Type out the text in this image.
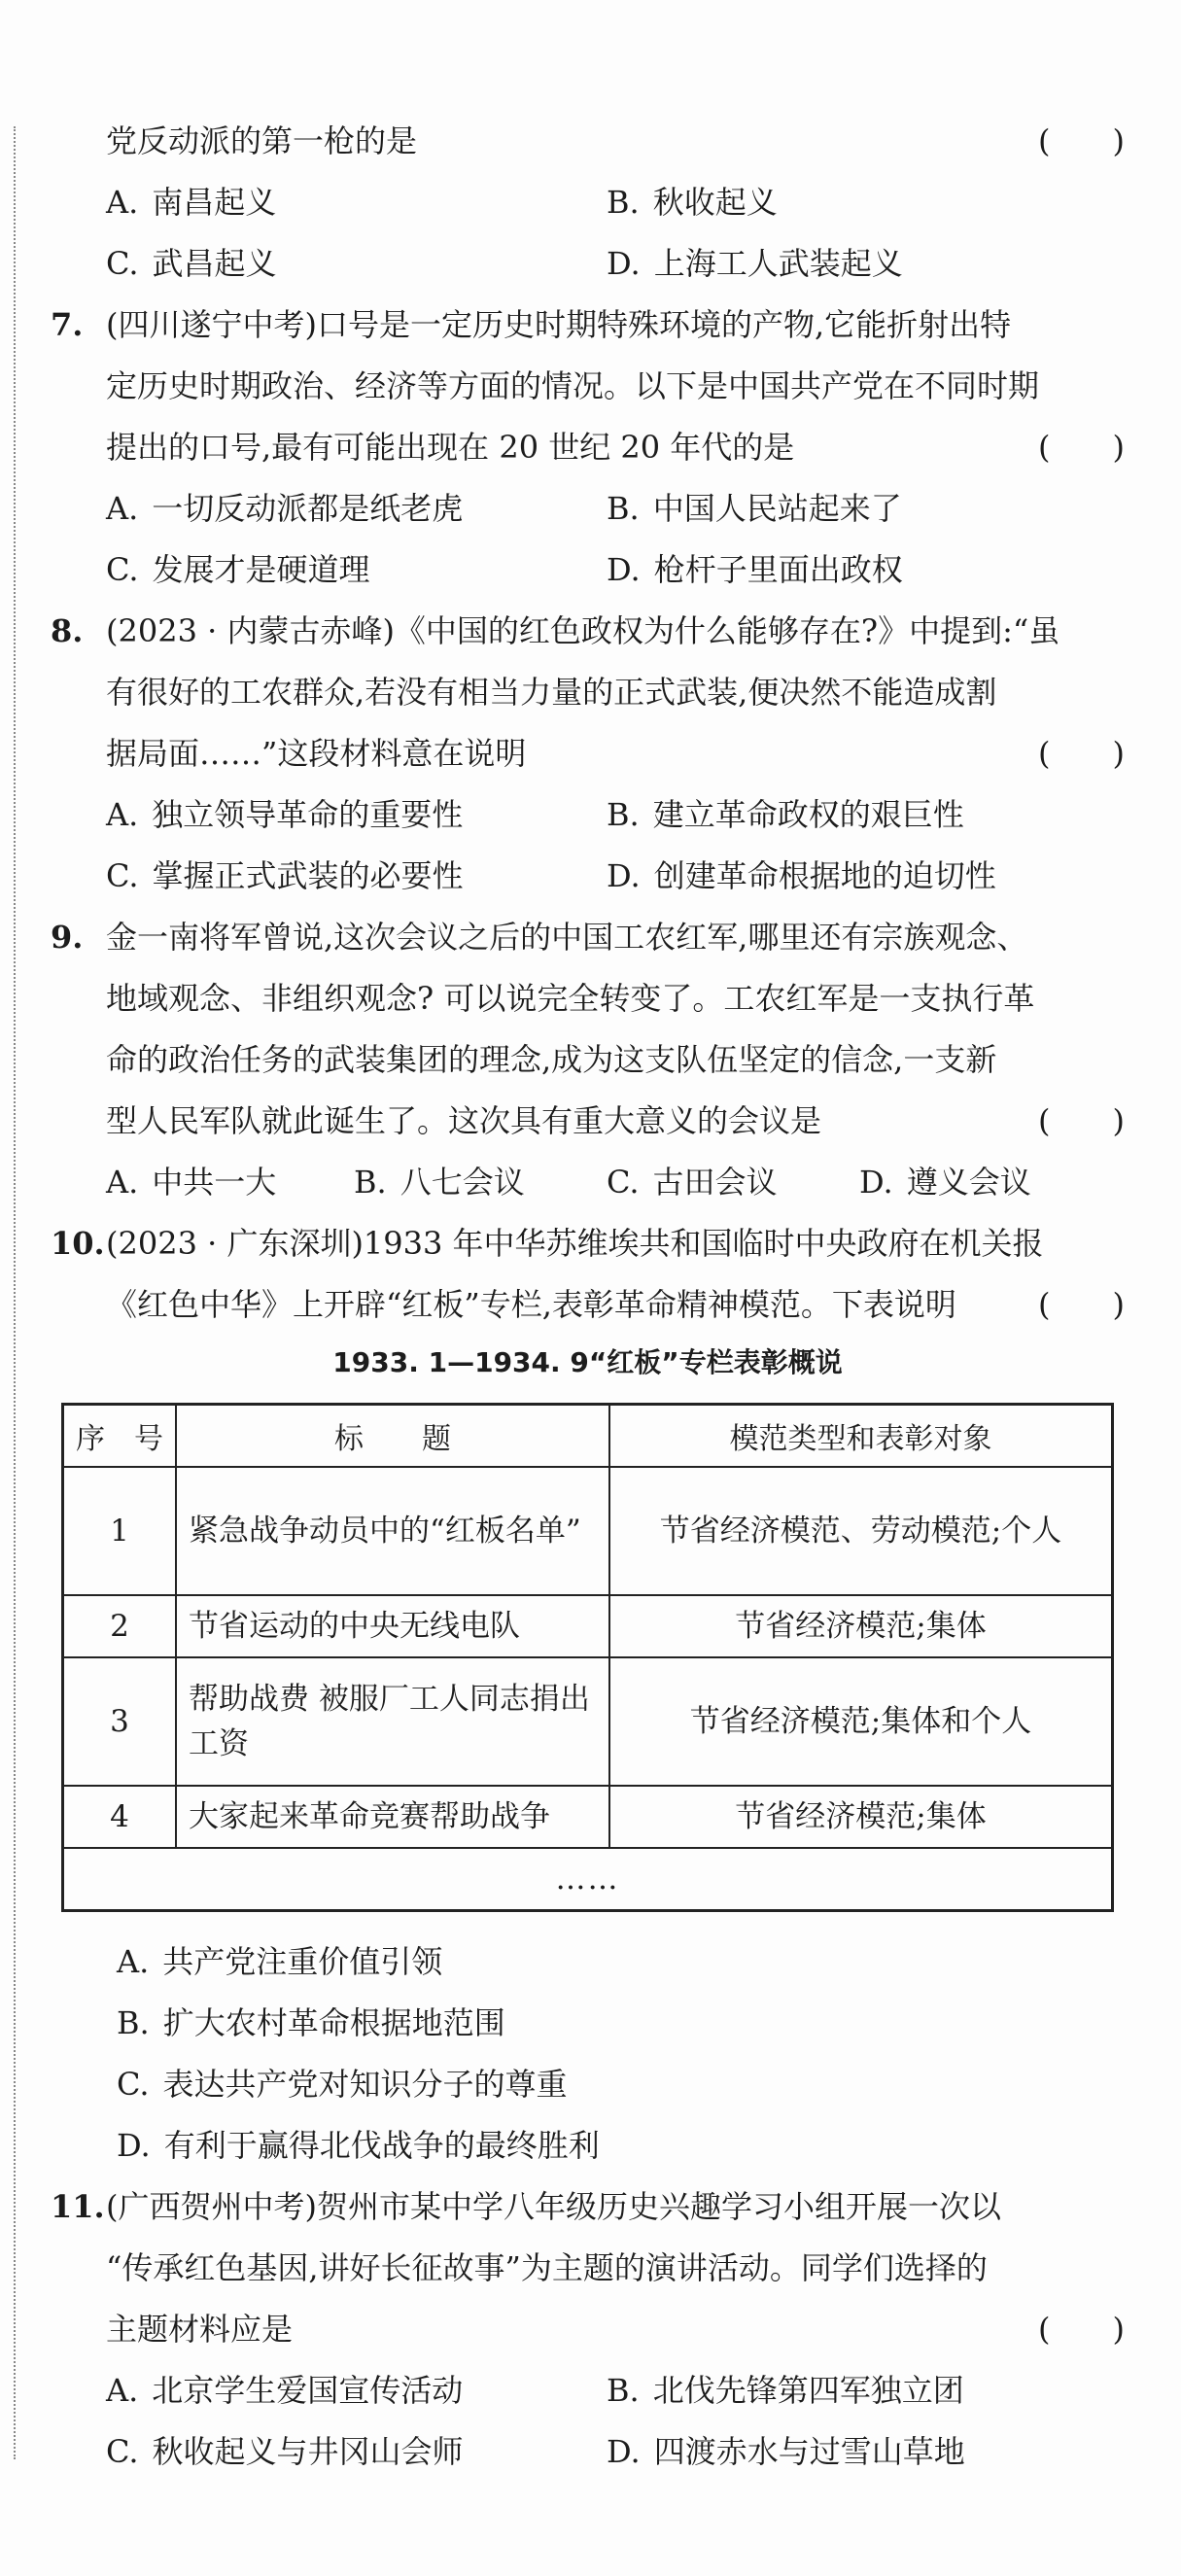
党反动派的第一枪的是	(　　)
A. 南昌起义	B. 秋收起义
C. 武昌起义	D. 上海工人武装起义
7. (四川遂宁中考)口号是一定历史时期特殊环境的产物,它能折射出特
定历史时期政治、经济等方面的情况。以下是中国共产党在不同时期
提出的口号,最有可能出现在 20 世纪 20 年代的是	(　　)
A. 一切反动派都是纸老虎	B. 中国人民站起来了
C. 发展才是硬道理	D. 枪杆子里面出政权
8. (2023 · 内蒙古赤峰)《中国的红色政权为什么能够存在?》中提到:“虽
有很好的工农群众,若没有相当力量的正式武装,便决然不能造成割
据局面……”这段材料意在说明	(　　)
A. 独立领导革命的重要性	B. 建立革命政权的艰巨性
C. 掌握正式武装的必要性	D. 创建革命根据地的迫切性
9. 金一南将军曾说,这次会议之后的中国工农红军,哪里还有宗族观念、
地域观念、非组织观念? 可以说完全转变了。工农红军是一支执行革
命的政治任务的武装集团的理念,成为这支队伍坚定的信念,一支新
型人民军队就此诞生了。这次具有重大意义的会议是	(　　)
A. 中共一大 B. 八七会议	C. 古田会议	D. 遵义会议
10. (2023 · 广东深圳)1933 年中华苏维埃共和国临时中央政府在机关报
《红色中华》上开辟“红板”专栏,表彰革命精神模范。下表说明	(　　)
1933. 1—1934. 9“红板”专栏表彰概说
序　号	标　　题	模范类型和表彰对象
1	紧急战争动员中的“红板名单”	节省经济模范、劳动模范;个人
2	节省运动的中央无线电队	节省经济模范;集体
3	帮助战费 被服厂工人同志捐出工资	节省经济模范;集体和个人
4	大家起来革命竞赛帮助战争	节省经济模范;集体
……		
A. 共产党注重价值引领
B. 扩大农村革命根据地范围
C. 表达共产党对知识分子的尊重
D. 有利于赢得北伐战争的最终胜利
11. (广西贺州中考)贺州市某中学八年级历史兴趣学习小组开展一次以
“传承红色基因,讲好长征故事”为主题的演讲活动。同学们选择的
主题材料应是	(　　)
A. 北京学生爱国宣传活动	B. 北伐先锋第四军独立团
C. 秋收起义与井冈山会师	D. 四渡赤水与过雪山草地
